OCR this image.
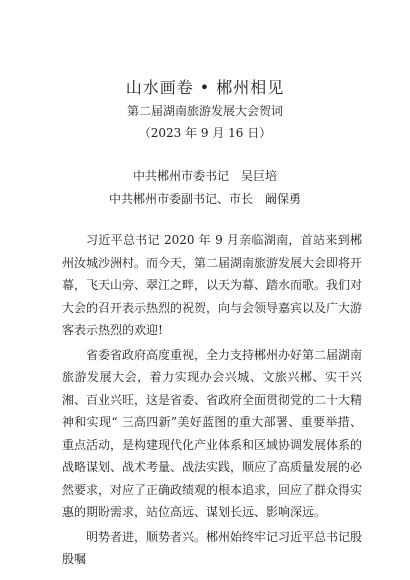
山水画卷 • 郴州相见
第二届湖南旅游发展大会贺词
（2023 年 9 月 16 日）
中共郴州市委书记　吴巨培
中共郴州市委副书记、市长　阚保勇

习近平总书记 2020 年 9 月亲临湖南，首站来到郴州汝城沙洲村。而今天，第二届湖南旅游发展大会即将开幕，飞天山旁、翠江之畔，以天为幕、踏水而歌。我们对大会的召开表示热烈的祝贺，向与会领导嘉宾以及广大游客表示热烈的欢迎!

省委省政府高度重视，全力支持郴州办好第二届湖南旅游发展大会，着力实现办会兴城、文旅兴郴、实干兴湘、百业兴旺，这是省委、省政府全面贯彻党的二十大精神和实现“ 三高四新”美好蓝图的重大部署、重要举措、重点活动，是构建现代化产业体系和区域协调发展体系的战略谋划、战术考量、战法实践，顺应了高质量发展的必然要求，对应了正确政绩观的根本追求，回应了群众得实惠的期盼需求，站位高远、谋划长远、影响深远。

明势者进，顺势者兴。郴州始终牢记习近平总书记殷殷嘱
